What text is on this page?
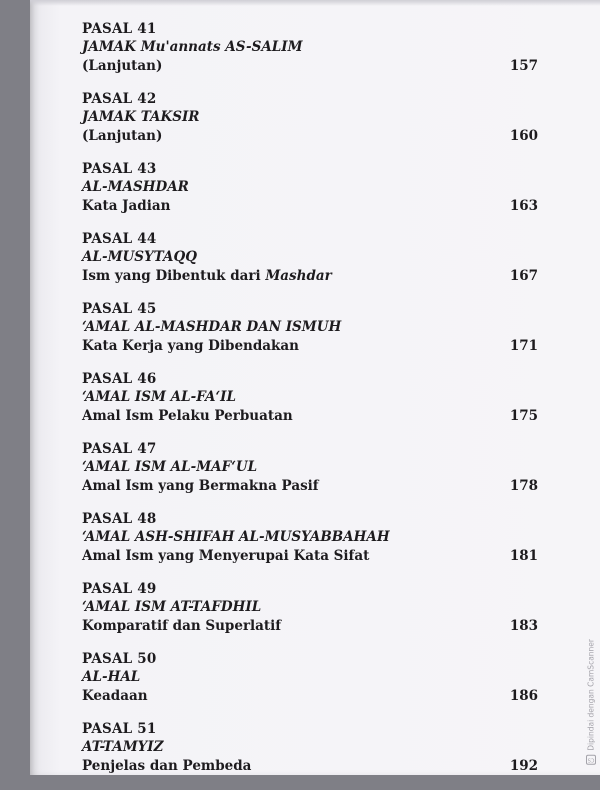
PASAL 41
JAMAK Mu'annats AS-SALIM
(Lanjutan)	157
PASAL 42
JAMAK TAKSIR
(Lanjutan)	160
PASAL 43
AL-MASHDAR
Kata Jadian	163
PASAL 44
AL-MUSYTAQQ
Ism yang Dibentuk dari Mashdar	167
PASAL 45
‘AMAL AL-MASHDAR DAN ISMUH
Kata Kerja yang Dibendakan	171
PASAL 46
‘AMAL ISM AL-FA‘IL
Amal Ism Pelaku Perbuatan	175
PASAL 47
‘AMAL ISM AL-MAF‘UL
Amal Ism yang Bermakna Pasif	178
PASAL 48
‘AMAL ASH-SHIFAH AL-MUSYABBAHAH
Amal Ism yang Menyerupai Kata Sifat	181
PASAL 49
‘AMAL ISM AT-TAFDHIL
Komparatif dan Superlatif	183
PASAL 50
AL-HAL
Keadaan	186
PASAL 51
AT-TAMYIZ
Penjelas dan Pembeda	192	CS
Dipindai dengan CamScanner
